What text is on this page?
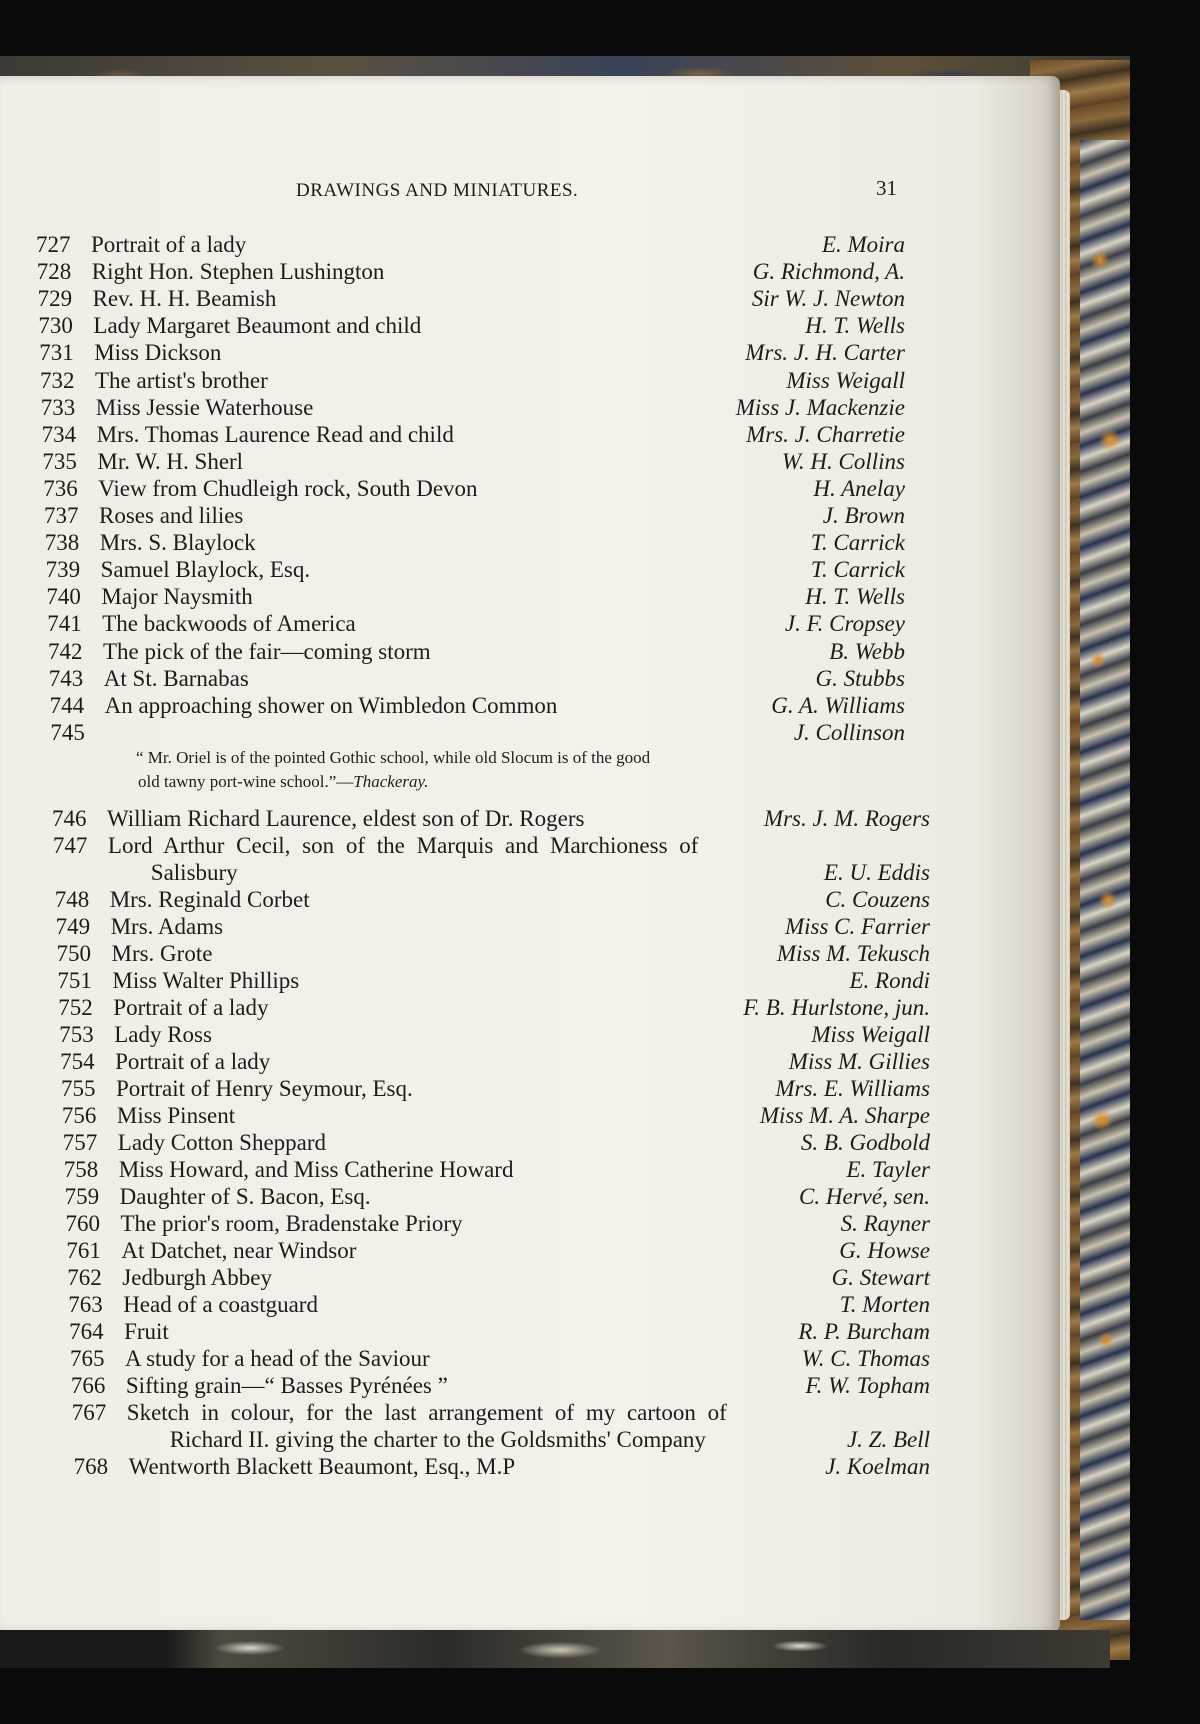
DRAWINGS AND MINIATURES.	31
727 Portrait of a lady	E. Moira
728 Right Hon. Stephen Lushington	G. Richmond, A.
729 Rev. H. H. Beamish	Sir W. J. Newton
730 Lady Margaret Beaumont and child	H. T. Wells
731 Miss Dickson	Mrs. J. H. Carter
732 The artist's brother	Miss Weigall
733 Miss Jessie Waterhouse	Miss J. Mackenzie
734 Mrs. Thomas Laurence Read and child	Mrs. J. Charretie
735 Mr. W. H. Sherl	W. H. Collins
736 View from Chudleigh rock, South Devon	H. Anelay
737 Roses and lilies	J. Brown
738 Mrs. S. Blaylock	T. Carrick
739 Samuel Blaylock, Esq.	T. Carrick
740 Major Naysmith	H. T. Wells
741 The backwoods of America	J. F. Cropsey
742 The pick of the fair—coming storm	B. Webb
743 At St. Barnabas	G. Stubbs
744 An approaching shower on Wimbledon Common	G. A. Williams
745	J. Collinson
“ Mr. Oriel is of the pointed Gothic school, while old Slocum is of the good
old tawny port-wine school.”—Thackeray.
746 William Richard Laurence, eldest son of Dr. Rogers	Mrs. J. M. Rogers
747 Lord Arthur Cecil, son of the Marquis and Marchioness of
Salisbury	E. U. Eddis
748 Mrs. Reginald Corbet	C. Couzens
749 Mrs. Adams	Miss C. Farrier
750 Mrs. Grote	Miss M. Tekusch
751 Miss Walter Phillips	E. Rondi
752 Portrait of a lady	F. B. Hurlstone, jun.
753 Lady Ross	Miss Weigall
754 Portrait of a lady	Miss M. Gillies
755 Portrait of Henry Seymour, Esq.	Mrs. E. Williams
756 Miss Pinsent	Miss M. A. Sharpe
757 Lady Cotton Sheppard	S. B. Godbold
758 Miss Howard, and Miss Catherine Howard	E. Tayler
759 Daughter of S. Bacon, Esq.	C. Hervé, sen.
760 The prior's room, Bradenstake Priory	S. Rayner
761 At Datchet, near Windsor	G. Howse
762 Jedburgh Abbey	G. Stewart
763 Head of a coastguard	T. Morten
764 Fruit	R. P. Burcham
765 A study for a head of the Saviour	W. C. Thomas
766 Sifting grain—“ Basses Pyrénées ”	F. W. Topham
767 Sketch in colour, for the last arrangement of my cartoon of
Richard II. giving the charter to the Goldsmiths' Company	J. Z. Bell
768 Wentworth Blackett Beaumont, Esq., M.P	J. Koelman
